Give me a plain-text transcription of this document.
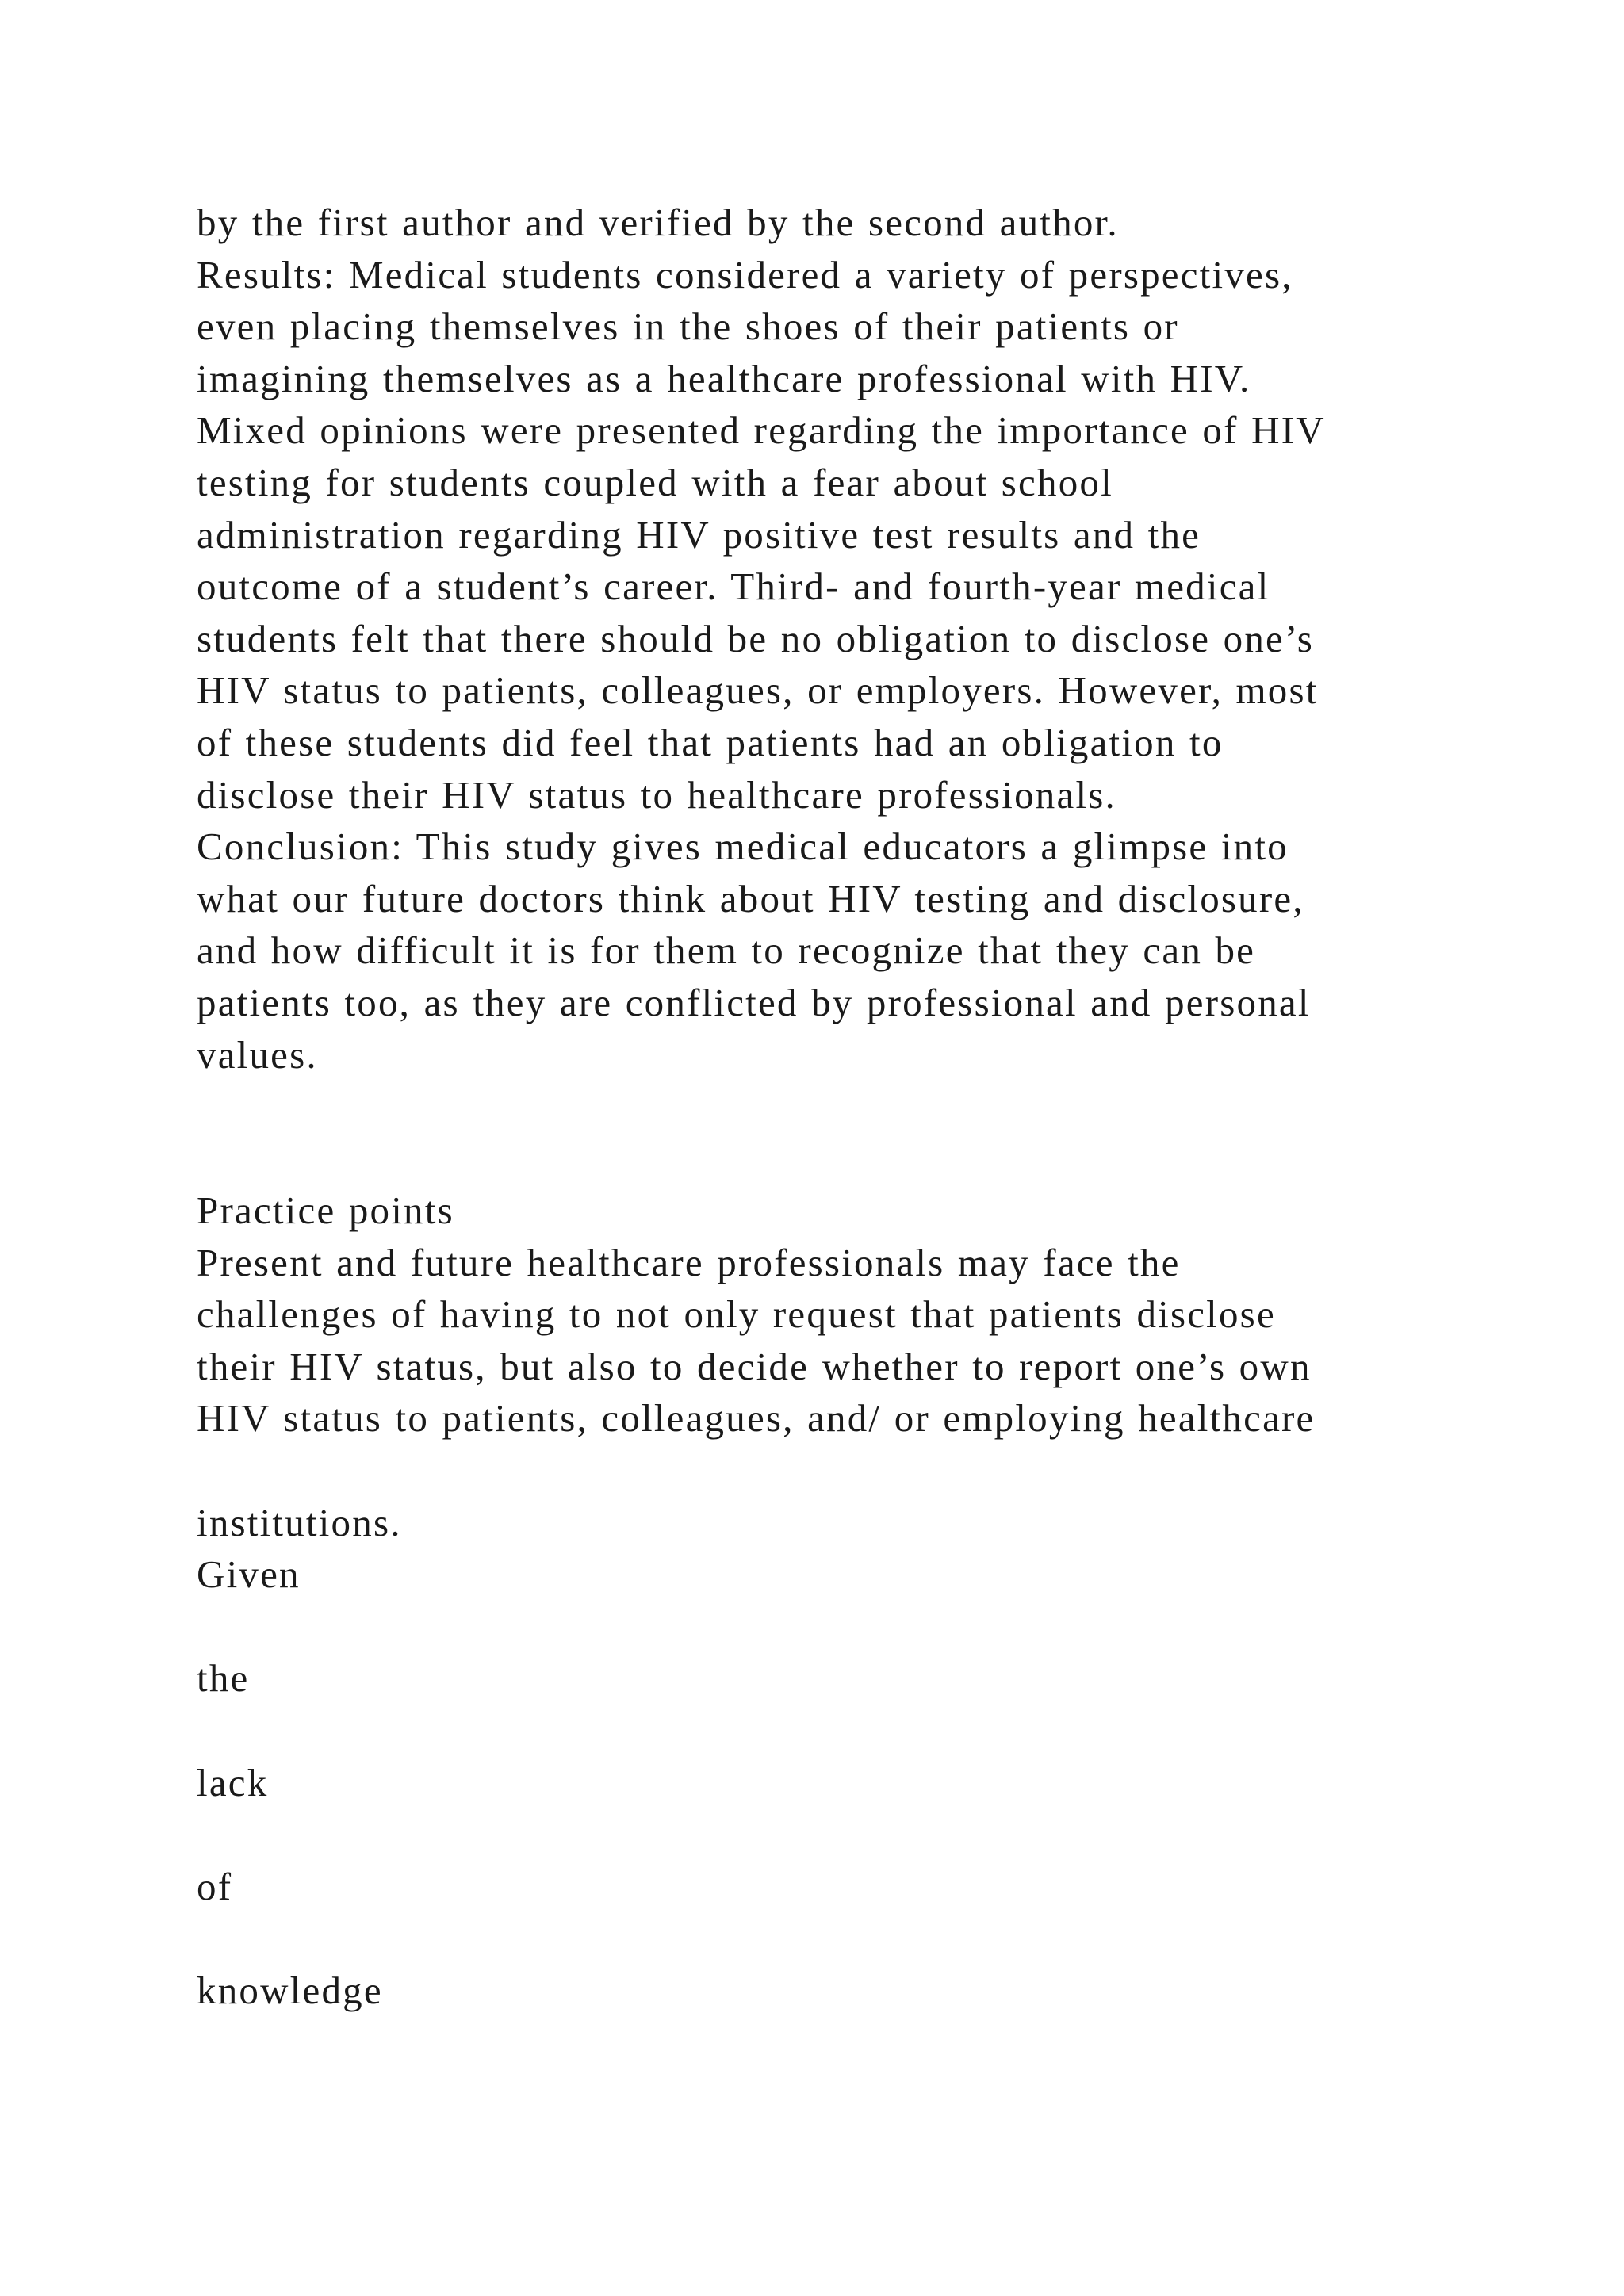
by the first author and verified by the second author.
Results: Medical students considered a variety of perspectives,
even placing themselves in the shoes of their patients or
imagining themselves as a healthcare professional with HIV.
Mixed opinions were presented regarding the importance of HIV
testing for students coupled with a fear about school
administration regarding HIV positive test results and the
outcome of a student’s career. Third- and fourth-year medical
students felt that there should be no obligation to disclose one’s
HIV status to patients, colleagues, or employers. However, most
of these students did feel that patients had an obligation to
disclose their HIV status to healthcare professionals.
Conclusion: This study gives medical educators a glimpse into
what our future doctors think about HIV testing and disclosure,
and how difficult it is for them to recognize that they can be
patients too, as they are conflicted by professional and personal
values.
Practice points
Present and future healthcare professionals may face the
challenges of having to not only request that patients disclose
their HIV status, but also to decide whether to report one’s own
HIV status to patients, colleagues, and/ or employing healthcare
institutions.
Given
the
lack
of
knowledge
